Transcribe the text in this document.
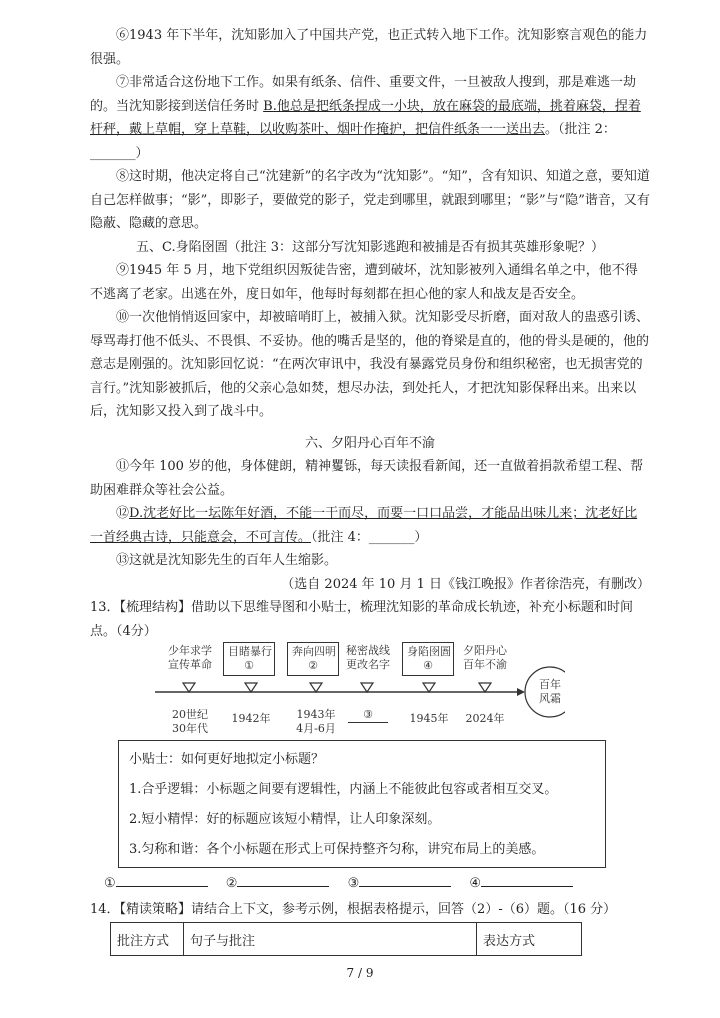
⑥1943 年下半年，沈知影加入了中国共产党，也正式转入地下工作。沈知影察言观色的能力很强。

⑦非常适合这份地下工作。如果有纸条、信件、重要文件，一旦被敌人搜到，那是难逃一劫的。当沈知影接到送信任务时 B.他总是把纸条捏成一小块，放在麻袋的最底端，挑着麻袋，捏着杆秤，戴上草帽，穿上草鞋，以收购茶叶、烟叶作掩护，把信件纸条一一送出去。（批注 2：_______）

⑧这时期，他决定将自己“沈建新”的名字改为“沈知影”。“知”，含有知识、知道之意，要知道自己怎样做事；“影”，即影子，要做党的影子，党走到哪里，就跟到哪里；“影”与“隐”谐音，又有隐蔽、隐藏的意思。

五、C.身陷囹圄（批注 3：这部分写沈知影逃跑和被捕是否有损其英雄形象呢？）

⑨1945 年 5 月，地下党组织因叛徒告密，遭到破坏，沈知影被列入通缉名单之中，他不得不逃离了老家。出逃在外，度日如年，他每时每刻都在担心他的家人和战友是否安全。

⑩一次他悄悄返回家中，却被暗哨盯上，被捕入狱。沈知影受尽折磨，面对敌人的蛊惑引诱、辱骂毒打他不低头、不畏惧、不妥协。他的嘴舌是坚的，他的脊梁是直的，他的骨头是硬的，他的意志是刚强的。沈知影回忆说：“在两次审讯中，我没有暴露党员身份和组织秘密，也无损害党的言行。”沈知影被抓后，他的父亲心急如焚，想尽办法，到处托人，才把沈知影保释出来。出来以后，沈知影又投入到了战斗中。

六、夕阳丹心百年不渝

⑪今年 100 岁的他，身体健朗，精神矍铄，每天读报看新闻，还一直做着捐款希望工程、帮助困难群众等社会公益。

⑫D.沈老好比一坛陈年好酒，不能一干而尽，而要一口口品尝，才能品出味儿来；沈老好比一首经典古诗，只能意会，不可言传。（批注 4：_______）

⑬这就是沈知影先生的百年人生缩影。

（选自 2024 年 10 月 1 日《钱江晚报》作者徐浩亮，有删改）

13．【梳理结构】借助以下思维导图和小贴士，梳理沈知影的革命成长轨迹，补充小标题和时间点。（4分）

少年求学
宣传革命
目睹暴行
①
奔向四明
②
秘密战线
更改名字
身陷囹圄
④
夕阳丹心
百年不渝
百年
风霜
20世纪
30年代
1942年	1943年
4月-6月
③	1945年	2024年
小贴士：如何更好地拟定小标题？
1.合乎逻辑：小标题之间要有逻辑性，内涵上不能彼此包容或者相互交叉。
2.短小精悍：好的标题应该短小精悍，让人印象深刻。
3.匀称和谐：各个小标题在形式上可保持整齐匀称，讲究布局上的美感。
①	②	③	④
14．【精读策略】请结合上下文，参考示例，根据表格提示，回答（2）-（6）题。（16 分）
批注方式	句子与批注	表达方式
7 / 9
